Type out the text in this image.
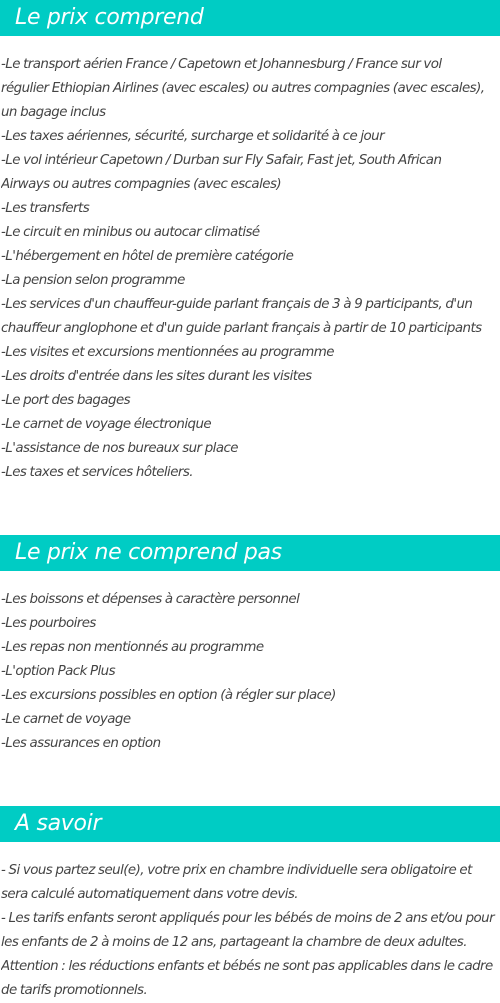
Le prix comprend
-Le transport aérien France / Capetown et Johannesburg / France sur vol
régulier Ethiopian Airlines (avec escales) ou autres compagnies (avec escales),
un bagage inclus
-Les taxes aériennes, sécurité, surcharge et solidarité à ce jour
-Le vol intérieur Capetown / Durban sur Fly Safair, Fast jet, South African
Airways ou autres compagnies (avec escales)
-Les transferts
-Le circuit en minibus ou autocar climatisé
-L'hébergement en hôtel de première catégorie
-La pension selon programme
-Les services d'un chauffeur-guide parlant français de 3 à 9 participants, d'un
chauffeur anglophone et d'un guide parlant français à partir de 10 participants
-Les visites et excursions mentionnées au programme
-Les droits d'entrée dans les sites durant les visites
-Le port des bagages
-Le carnet de voyage électronique
-L'assistance de nos bureaux sur place
-Les taxes et services hôteliers.
Le prix ne comprend pas
-Les boissons et dépenses à caractère personnel
-Les pourboires
-Les repas non mentionnés au programme
-L'option Pack Plus
-Les excursions possibles en option (à régler sur place)
-Le carnet de voyage
-Les assurances en option
A savoir
- Si vous partez seul(e), votre prix en chambre individuelle sera obligatoire et
sera calculé automatiquement dans votre devis.
- Les tarifs enfants seront appliqués pour les bébés de moins de 2 ans et/ou pour
les enfants de 2 à moins de 12 ans, partageant la chambre de deux adultes.
Attention : les réductions enfants et bébés ne sont pas applicables dans le cadre
de tarifs promotionnels.
